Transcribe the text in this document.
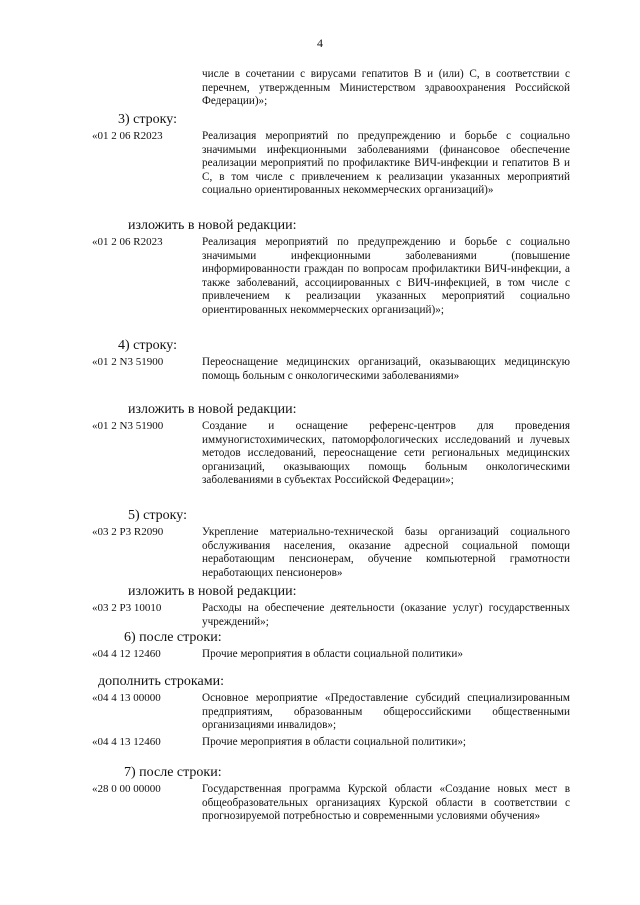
4
числе в сочетании с вирусами гепатитов В и (или) С, в соответствии с перечнем, утвержденным Министерством здравоохранения Российской Федерации)»;
3) строку:
«01 2 06 R2023	Реализация мероприятий по предупреждению и борьбе с социально значимыми инфекционными заболеваниями (финансовое обеспечение реализации мероприятий по профилактике ВИЧ-инфекции и гепатитов В и С, в том числе с привлечением к реализации указанных мероприятий социально ориентированных некоммерческих организаций)»
изложить в новой редакции:
«01 2 06 R2023	Реализация мероприятий по предупреждению и борьбе с социально значимыми инфекционными заболеваниями (повышение информированности граждан по вопросам профилактики ВИЧ-инфекции, а также заболеваний, ассоциированных с ВИЧ-инфекцией, в том числе с привлечением к реализации указанных мероприятий социально ориентированных некоммерческих организаций)»;
4) строку:
«01 2 N3 51900	Переоснащение медицинских организаций, оказывающих медицинскую помощь больным с онкологическими заболеваниями»
изложить в новой редакции:
«01 2 N3 51900	Создание и оснащение референс-центров для проведения иммуногистохимических, патоморфологических исследований и лучевых методов исследований, переоснащение сети региональных медицинских организаций, оказывающих помощь больным онкологическими заболеваниями в субъектах Российской Федерации»;
5) строку:
«03 2 P3 R2090	Укрепление материально-технической базы организаций социального обслуживания населения, оказание адресной социальной помощи неработающим пенсионерам, обучение компьютерной грамотности неработающих пенсионеров»
изложить в новой редакции:
«03 2 P3 10010	Расходы на обеспечение деятельности (оказание услуг) государственных учреждений»;
6) после строки:
«04 4 12 12460	Прочие мероприятия в области социальной политики»
дополнить строками:
«04 4 13 00000	Основное мероприятие «Предоставление субсидий специализированным предприятиям, образованным общероссийскими общественными организациями инвалидов»;
«04 4 13 12460	Прочие мероприятия в области социальной политики»;
7) после строки:
«28 0 00 00000	Государственная программа Курской области «Создание новых мест в общеобразовательных организациях Курской области в соответствии с прогнозируемой потребностью и современными условиями обучения»
